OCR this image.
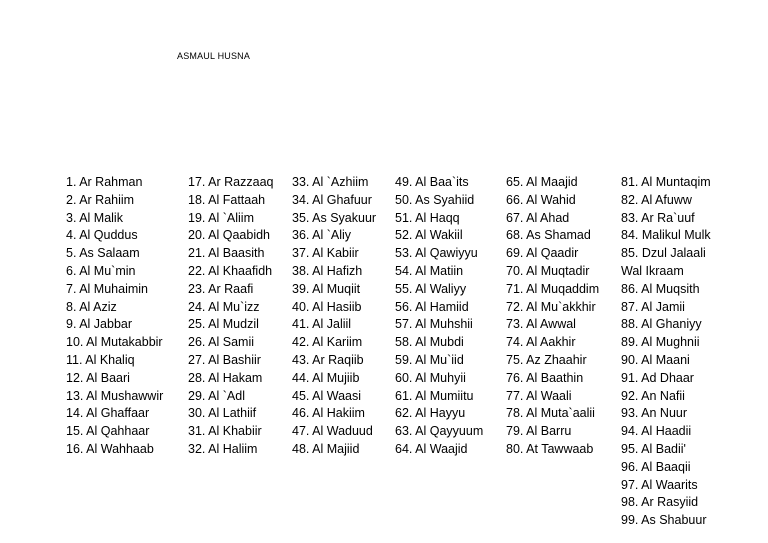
ASMAUL HUSNA
1. Ar Rahman
2. Ar Rahiim
3. Al Malik
4. Al Quddus
5. As Salaam
6. Al Mu`min
7. Al Muhaimin
8. Al Aziz
9. Al Jabbar
10. Al Mutakabbir
11. Al Khaliq
12. Al Baari
13. Al Mushawwir
14. Al Ghaffaar
15. Al Qahhaar
16. Al Wahhaab
17. Ar Razzaaq
18. Al Fattaah
19. Al `Aliim
20. Al Qaabidh
21. Al Baasith
22. Al Khaafidh
23. Ar Raafi
24. Al Mu`izz
25. Al Mudzil
26. Al Samii
27. Al Bashiir
28. Al Hakam
29. Al `Adl
30. Al Lathiif
31. Al Khabiir
32. Al Haliim
33. Al `Azhiim
34. Al Ghafuur
35. As Syakuur
36. Al `Aliy
37. Al Kabiir
38. Al Hafizh
39. Al Muqiit
40. Al Hasiib
41. Al Jaliil
42. Al Kariim
43. Ar Raqiib
44. Al Mujiib
45. Al Waasi
46. Al Hakiim
47. Al Waduud
48. Al Majiid
49. Al Baa`its
50. As Syahiid
51. Al Haqq
52. Al Wakiil
53. Al Qawiyyu
54. Al Matiin
55. Al Waliyy
56. Al Hamiid
57. Al Muhshii
58. Al Mubdi
59. Al Mu`iid
60. Al Muhyii
61. Al Mumiitu
62. Al Hayyu
63. Al Qayyuum
64. Al Waajid
65. Al Maajid
66. Al Wahid
67. Al Ahad
68. As Shamad
69. Al Qaadir
70. Al Muqtadir
71. Al Muqaddim
72. Al Mu`akkhir
73. Al Awwal
74. Al Aakhir
75. Az Zhaahir
76. Al Baathin
77. Al Waali
78. Al Muta`aalii
79. Al Barru
80. At Tawwaab
81. Al Muntaqim
82. Al Afuww
83. Ar Ra`uuf
84. Malikul Mulk
85. Dzul Jalaali
Wal Ikraam
86. Al Muqsith
87. Al Jamii
88. Al Ghaniyy
89. Al Mughnii
90. Al Maani
91. Ad Dhaar
92. An Nafii
93. An Nuur
94. Al Haadii
95. Al Badii'
96. Al Baaqii
97. Al Waarits
98. Ar Rasyiid
99. As Shabuur
